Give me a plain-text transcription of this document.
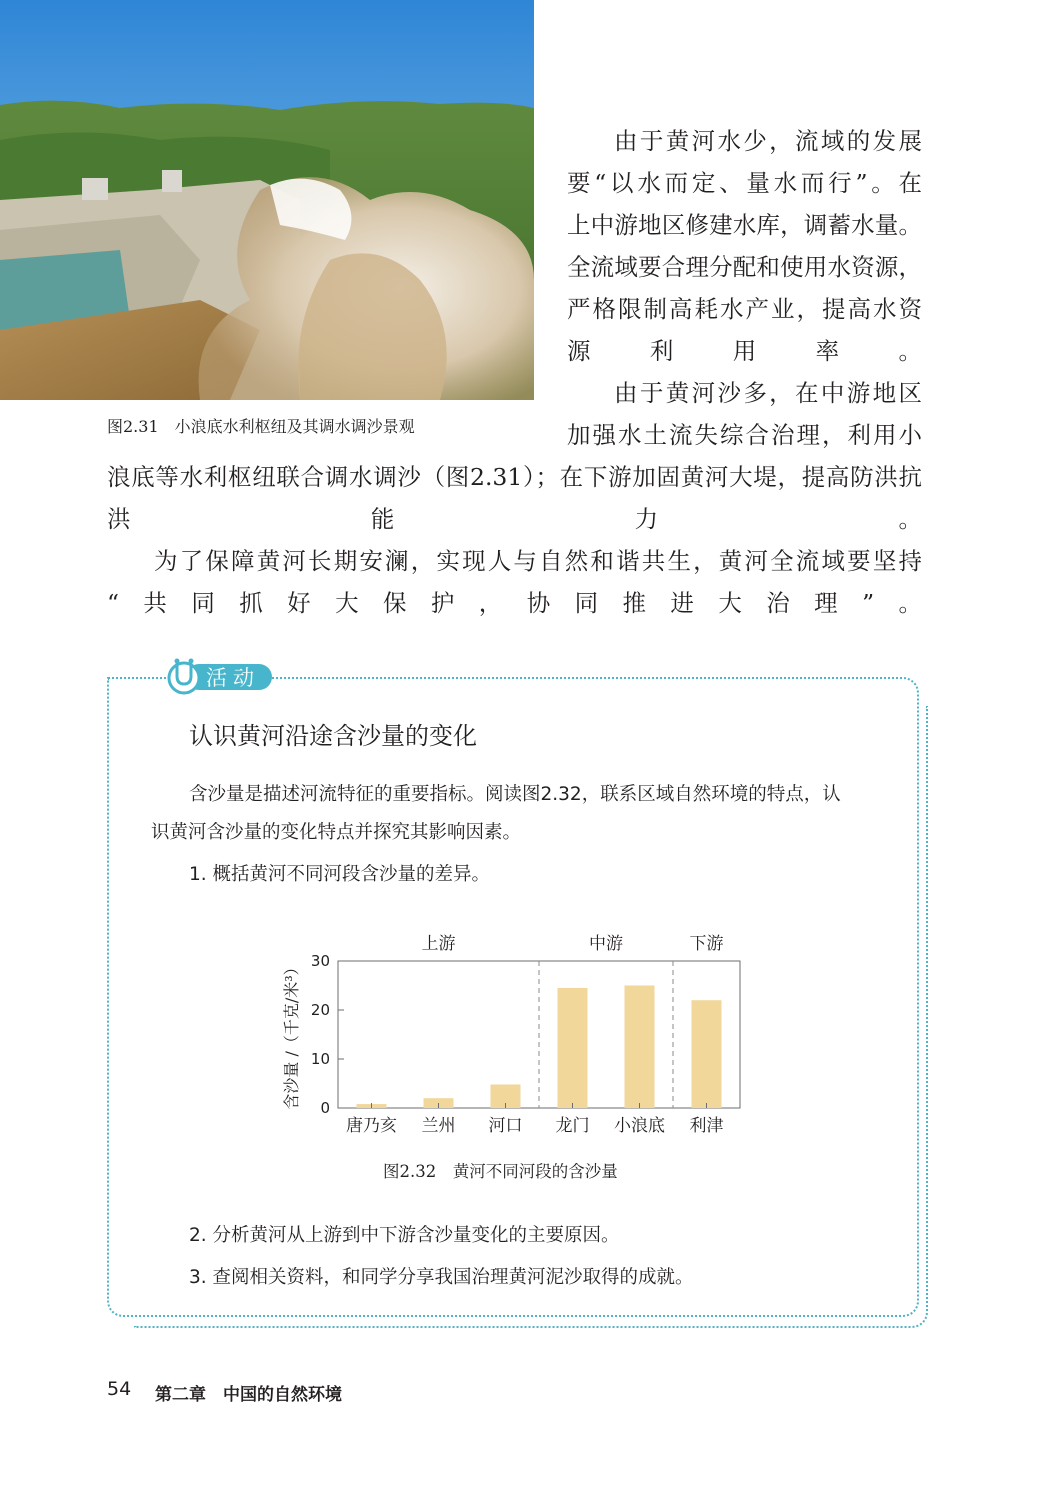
图2.31　小浪底水利枢纽及其调水调沙景观
由于黄河水少，流域的发展
要“以水而定、量水而行”。在
上中游地区修建水库，调蓄水量。
全流域要合理分配和使用水资源，
严格限制高耗水产业，提高水资
源利用率。
由于黄河沙多，在中游地区
加强水土流失综合治理，利用小
浪底等水利枢纽联合调水调沙（图2.31）；在下游加固黄河大堤，提高防洪抗
洪能力。
为了保障黄河长期安澜，实现人与自然和谐共生，黄河全流域要坚持
“共同抓好大保护，协同推进大治理”。
活动
认识黄河沿途含沙量的变化
含沙量是描述河流特征的重要指标。阅读图2.32，联系区域自然环境的特点，认
识黄河含沙量的变化特点并探究其影响因素。
1. 概括黄河不同河段含沙量的差异。
0
10
20
30
唐乃亥 兰州 河口 龙门 小浪底 利津
上游	中游	下游
含沙量 /（千克/米³）
图2.32　黄河不同河段的含沙量
2. 分析黄河从上游到中下游含沙量变化的主要原因。
3. 查阅相关资料，和同学分享我国治理黄河泥沙取得的成就。
54 第二章　中国的自然环境
